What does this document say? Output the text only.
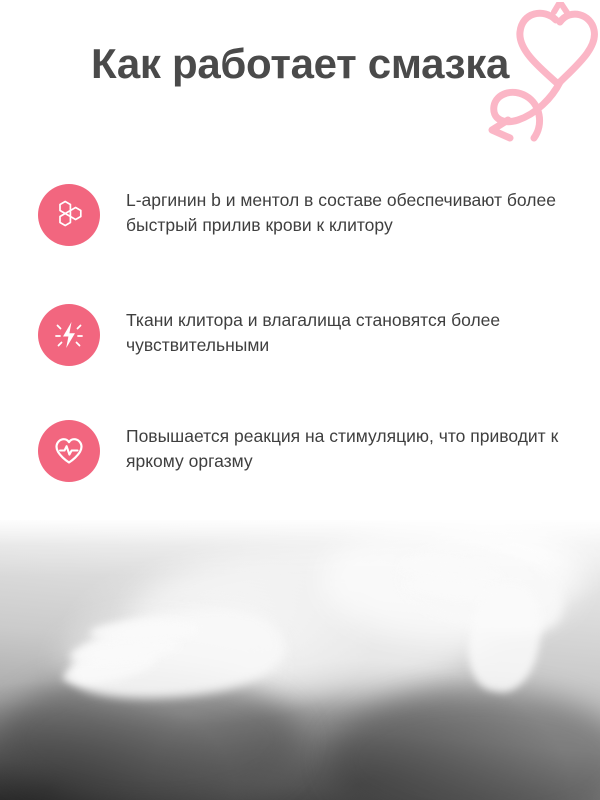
Как работает смазка
L-аргинин b и ментол в составе обеспечивают более быстрый прилив крови к клитору
Ткани клитора и влагалища становятся более чувствительными
Повышается реакция на стимуляцию, что приводит к яркому оргазму
